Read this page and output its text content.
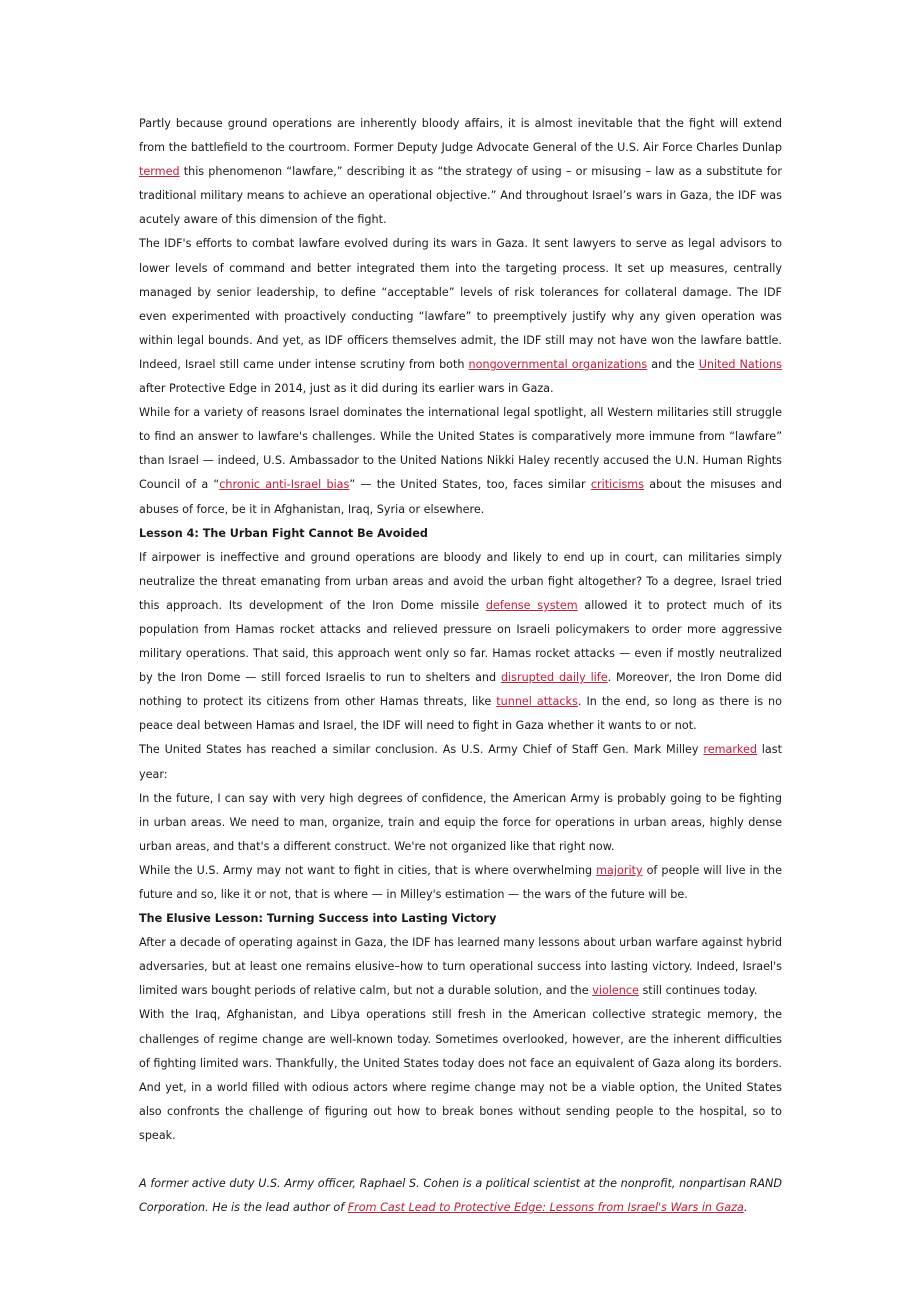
Partly because ground operations are inherently bloody affairs, it is almost inevitable that the fight will extend from the battlefield to the courtroom. Former Deputy Judge Advocate General of the U.S. Air Force Charles Dunlap termed this phenomenon “lawfare,” describing it as “the strategy of using – or misusing – law as a substitute for traditional military means to achieve an operational objective.” And throughout Israel’s wars in Gaza, the IDF was acutely aware of this dimension of the fight.

The IDF's efforts to combat lawfare evolved during its wars in Gaza. It sent lawyers to serve as legal advisors to lower levels of command and better integrated them into the targeting process. It set up measures, centrally managed by senior leadership, to define “acceptable” levels of risk tolerances for collateral damage. The IDF even experimented with proactively conducting “lawfare” to preemptively justify why any given operation was within legal bounds. And yet, as IDF officers themselves admit, the IDF still may not have won the lawfare battle. Indeed, Israel still came under intense scrutiny from both nongovernmental organizations and the United Nations after Protective Edge in 2014, just as it did during its earlier wars in Gaza.

While for a variety of reasons Israel dominates the international legal spotlight, all Western militaries still struggle to find an answer to lawfare's challenges. While the United States is comparatively more immune from “lawfare” than Israel — indeed, U.S. Ambassador to the United Nations Nikki Haley recently accused the U.N. Human Rights Council of a “chronic anti-Israel bias” — the United States, too, faces similar criticisms about the misuses and abuses of force, be it in Afghanistan, Iraq, Syria or elsewhere.

Lesson 4: The Urban Fight Cannot Be Avoided

If airpower is ineffective and ground operations are bloody and likely to end up in court, can militaries simply neutralize the threat emanating from urban areas and avoid the urban fight altogether? To a degree, Israel tried this approach. Its development of the Iron Dome missile defense system allowed it to protect much of its population from Hamas rocket attacks and relieved pressure on Israeli policymakers to order more aggressive military operations. That said, this approach went only so far. Hamas rocket attacks — even if mostly neutralized by the Iron Dome — still forced Israelis to run to shelters and disrupted daily life. Moreover, the Iron Dome did nothing to protect its citizens from other Hamas threats, like tunnel attacks. In the end, so long as there is no peace deal between Hamas and Israel, the IDF will need to fight in Gaza whether it wants to or not.

The United States has reached a similar conclusion. As U.S. Army Chief of Staff Gen. Mark Milley remarked last year:

In the future, I can say with very high degrees of confidence, the American Army is probably going to be fighting in urban areas. We need to man, organize, train and equip the force for operations in urban areas, highly dense urban areas, and that's a different construct. We're not organized like that right now.

While the U.S. Army may not want to fight in cities, that is where overwhelming majority of people will live in the future and so, like it or not, that is where — in Milley's estimation — the wars of the future will be.

The Elusive Lesson: Turning Success into Lasting Victory

After a decade of operating against in Gaza, the IDF has learned many lessons about urban warfare against hybrid adversaries, but at least one remains elusive–how to turn operational success into lasting victory. Indeed, Israel's limited wars bought periods of relative calm, but not a durable solution, and the violence still continues today.

With the Iraq, Afghanistan, and Libya operations still fresh in the American collective strategic memory, the challenges of regime change are well-known today. Sometimes overlooked, however, are the inherent difficulties of fighting limited wars. Thankfully, the United States today does not face an equivalent of Gaza along its borders. And yet, in a world filled with odious actors where regime change may not be a viable option, the United States also confronts the challenge of figuring out how to break bones without sending people to the hospital, so to speak.

A former active duty U.S. Army officer, Raphael S. Cohen is a political scientist at the nonprofit, nonpartisan RAND Corporation. He is the lead author of From Cast Lead to Protective Edge: Lessons from Israel's Wars in Gaza.
